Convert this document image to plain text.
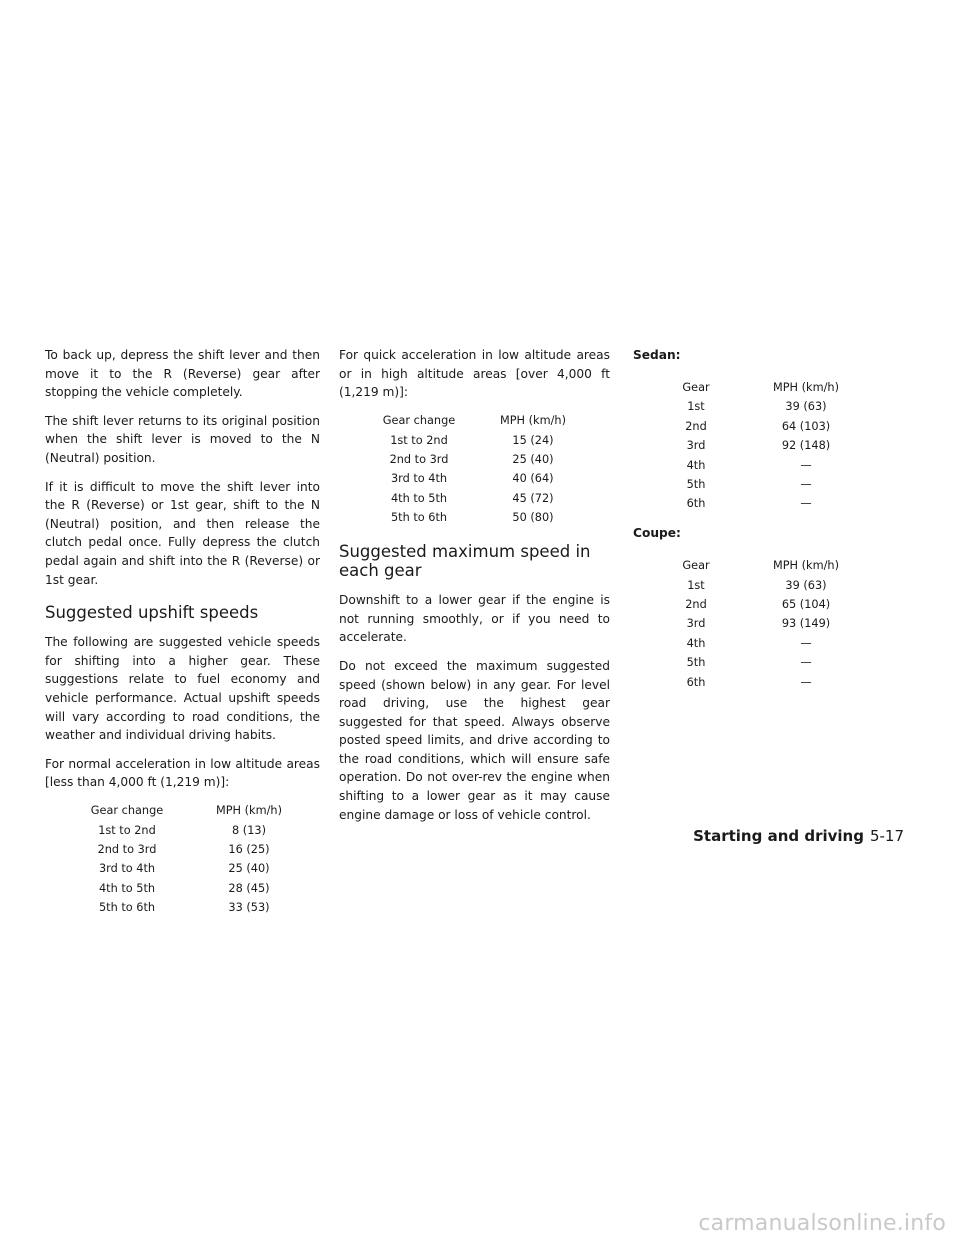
To back up, depress the shift lever and then move it to the R (Reverse) gear after stopping the vehicle completely.

The shift lever returns to its original position when the shift lever is moved to the N (Neutral) position.

If it is difficult to move the shift lever into the R (Reverse) or 1st gear, shift to the N (Neutral) position, and then release the clutch pedal once. Fully depress the clutch pedal again and shift into the R (Reverse) or 1st gear.

Suggested upshift speeds

The following are suggested vehicle speeds for shifting into a higher gear. These suggestions relate to fuel economy and vehicle performance. Actual upshift speeds will vary according to road conditions, the weather and individual driving habits.

For normal acceleration in low altitude areas [less than 4,000 ft (1,219 m)]:

Gear change	MPH (km/h)
1st to 2nd	8 (13)
2nd to 3rd	16 (25)
3rd to 4th	25 (40)
4th to 5th	28 (45)
5th to 6th	33 (53)

For quick acceleration in low altitude areas or in high altitude areas [over 4,000 ft (1,219 m)]:

Gear change	MPH (km/h)
1st to 2nd	15 (24)
2nd to 3rd	25 (40)
3rd to 4th	40 (64)
4th to 5th	45 (72)
5th to 6th	50 (80)
Suggested maximum speed in each gear

Downshift to a lower gear if the engine is not running smoothly, or if you need to accelerate.

Do not exceed the maximum suggested speed (shown below) in any gear. For level road driving, use the highest gear suggested for that speed. Always observe posted speed limits, and drive according to the road conditions, which will ensure safe operation. Do not over-rev the engine when shifting to a lower gear as it may cause engine damage or loss of vehicle control.

Sedan:

Gear	MPH (km/h)
1st	39 (63)
2nd	64 (103)
3rd	92 (148)
4th	—
5th	—
6th	—

Coupe:

Gear	MPH (km/h)
1st	39 (63)
2nd	65 (104)
3rd	93 (149)
4th	—
5th	—
6th	—
Starting and driving 5-17
carmanualsonline.info
